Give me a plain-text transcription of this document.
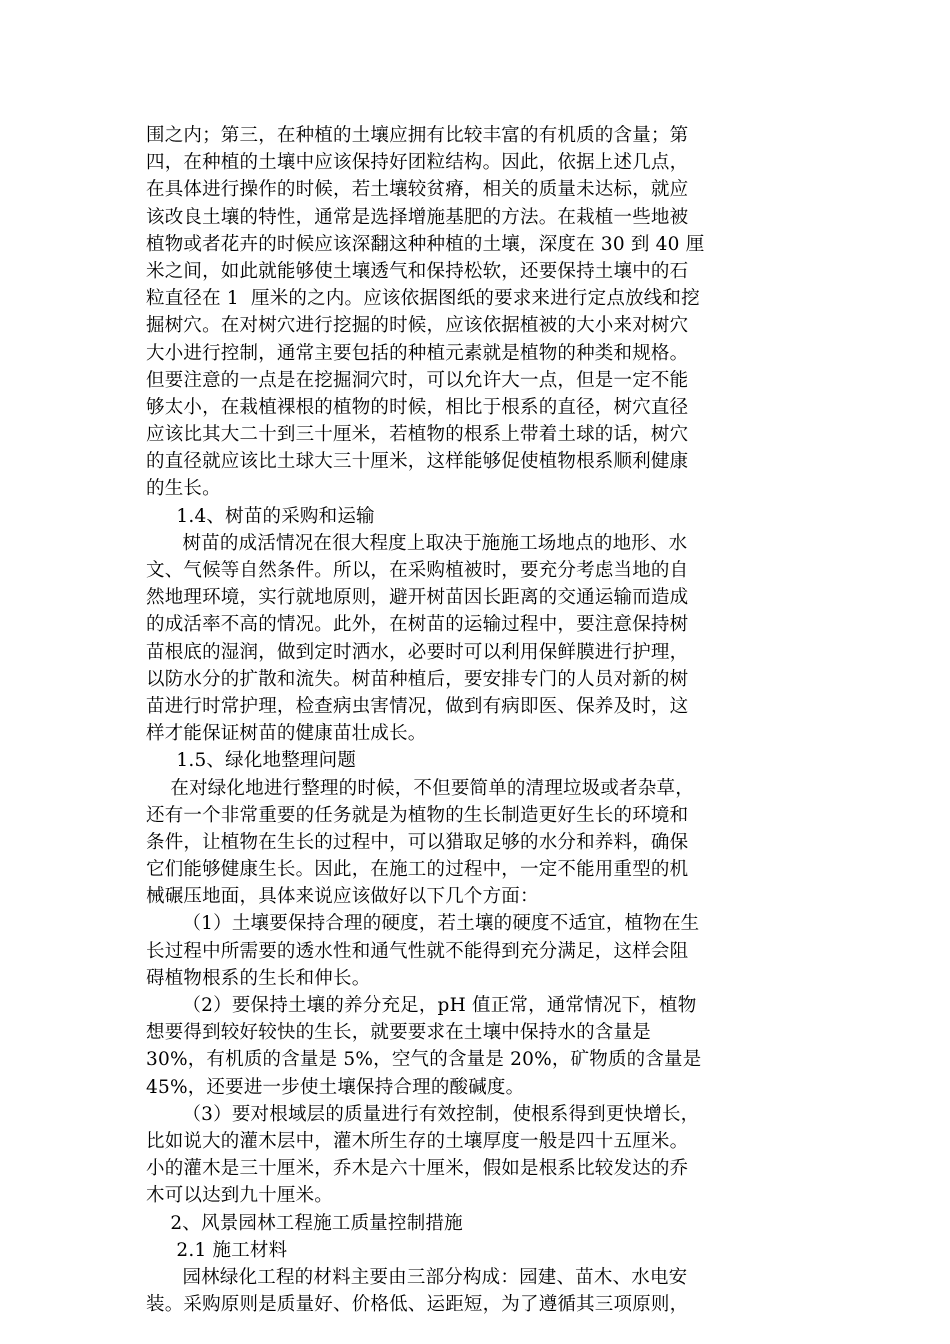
围之内；第三，在种植的土壤应拥有比较丰富的有机质的含量；第
四，在种植的土壤中应该保持好团粒结构。因此，依据上述几点，
在具体进行操作的时候，若土壤较贫瘠，相关的质量未达标，就应
该改良土壤的特性，通常是选择增施基肥的方法。在栽植一些地被
植物或者花卉的时候应该深翻这种种植的土壤，深度在 30 到 40 厘
米之间，如此就能够使土壤透气和保持松软，还要保持土壤中的石
粒直径在 1  厘米的之内。应该依据图纸的要求来进行定点放线和挖
掘树穴。在对树穴进行挖掘的时候，应该依据植被的大小来对树穴
大小进行控制，通常主要包括的种植元素就是植物的种类和规格。
但要注意的一点是在挖掘洞穴时，可以允许大一点，但是一定不能
够太小，在栽植裸根的植物的时候，相比于根系的直径，树穴直径
应该比其大二十到三十厘米，若植物的根系上带着土球的话，树穴
的直径就应该比土球大三十厘米，这样能够促使植物根系顺利健康
的生长。
1.4、树苗的采购和运输
树苗的成活情况在很大程度上取决于施施工场地点的地形、水
文、气候等自然条件。所以，在采购植被时，要充分考虑当地的自
然地理环境，实行就地原则，避开树苗因长距离的交通运输而造成
的成活率不高的情况。此外，在树苗的运输过程中，要注意保持树
苗根底的湿润，做到定时洒水，必要时可以利用保鲜膜进行护理，
以防水分的扩散和流失。树苗种植后，要安排专门的人员对新的树
苗进行时常护理，检查病虫害情况，做到有病即医、保养及时，这
样才能保证树苗的健康苗壮成长。
1.5、绿化地整理问题
在对绿化地进行整理的时候，不但要简单的清理垃圾或者杂草，
还有一个非常重要的任务就是为植物的生长制造更好生长的环境和
条件，让植物在生长的过程中，可以猎取足够的水分和养料，确保
它们能够健康生长。因此，在施工的过程中，一定不能用重型的机
械碾压地面，具体来说应该做好以下几个方面：
（1）土壤要保持合理的硬度，若土壤的硬度不适宜，植物在生
长过程中所需要的透水性和通气性就不能得到充分满足，这样会阻
碍植物根系的生长和伸长。
（2）要保持土壤的养分充足，pH 值正常，通常情况下，植物
想要得到较好较快的生长，就要要求在土壤中保持水的含量是
30%，有机质的含量是 5%，空气的含量是 20%，矿物质的含量是
45%，还要进一步使土壤保持合理的酸碱度。
（3）要对根域层的质量进行有效控制，使根系得到更快增长，
比如说大的灌木层中，灌木所生存的土壤厚度一般是四十五厘米。
小的灌木是三十厘米，乔木是六十厘米，假如是根系比较发达的乔
木可以达到九十厘米。
2、风景园林工程施工质量控制措施
2.1 施工材料
园林绿化工程的材料主要由三部分构成：园建、苗木、水电安
装。采购原则是质量好、价格低、运距短，为了遵循其三项原则，
